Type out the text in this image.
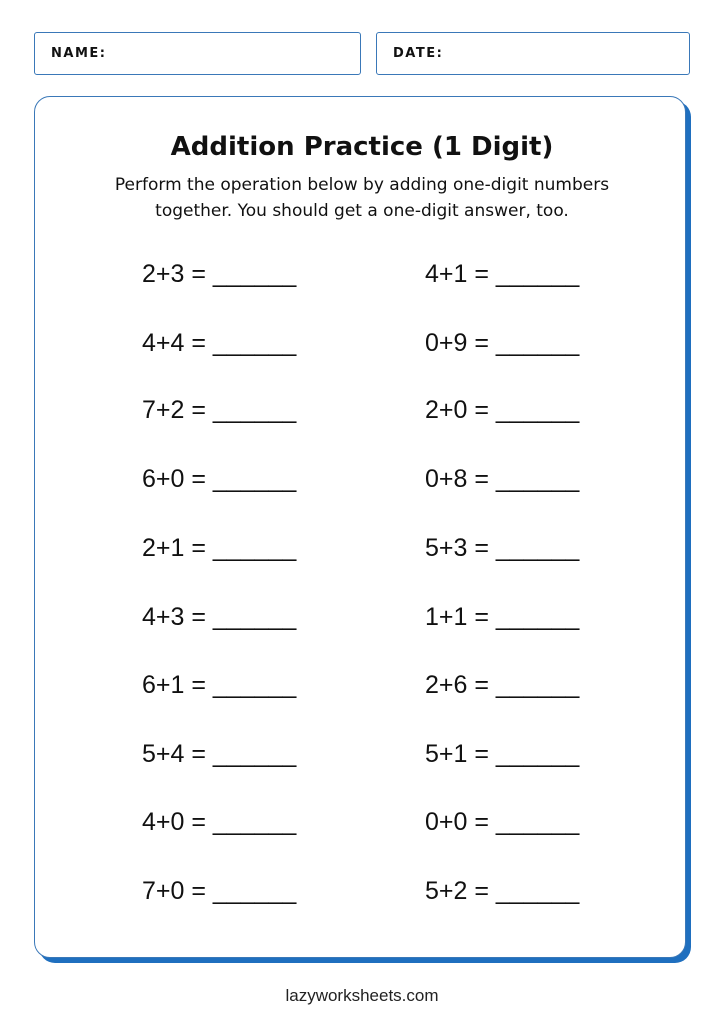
NAME:	DATE:
Addition Practice (1 Digit)
Perform the operation below by adding one-digit numbers
together. You should get a one-digit answer, too.
2+3 = ______
4+4 = ______
7+2 = ______
6+0 = ______
2+1 = ______
4+3 = ______
6+1 = ______
5+4 = ______
4+0 = ______
7+0 = ______
4+1 = ______
0+9 = ______
2+0 = ______
0+8 = ______
5+3 = ______
1+1 = ______
2+6 = ______
5+1 = ______
0+0 = ______
5+2 = ______
lazyworksheets.com
